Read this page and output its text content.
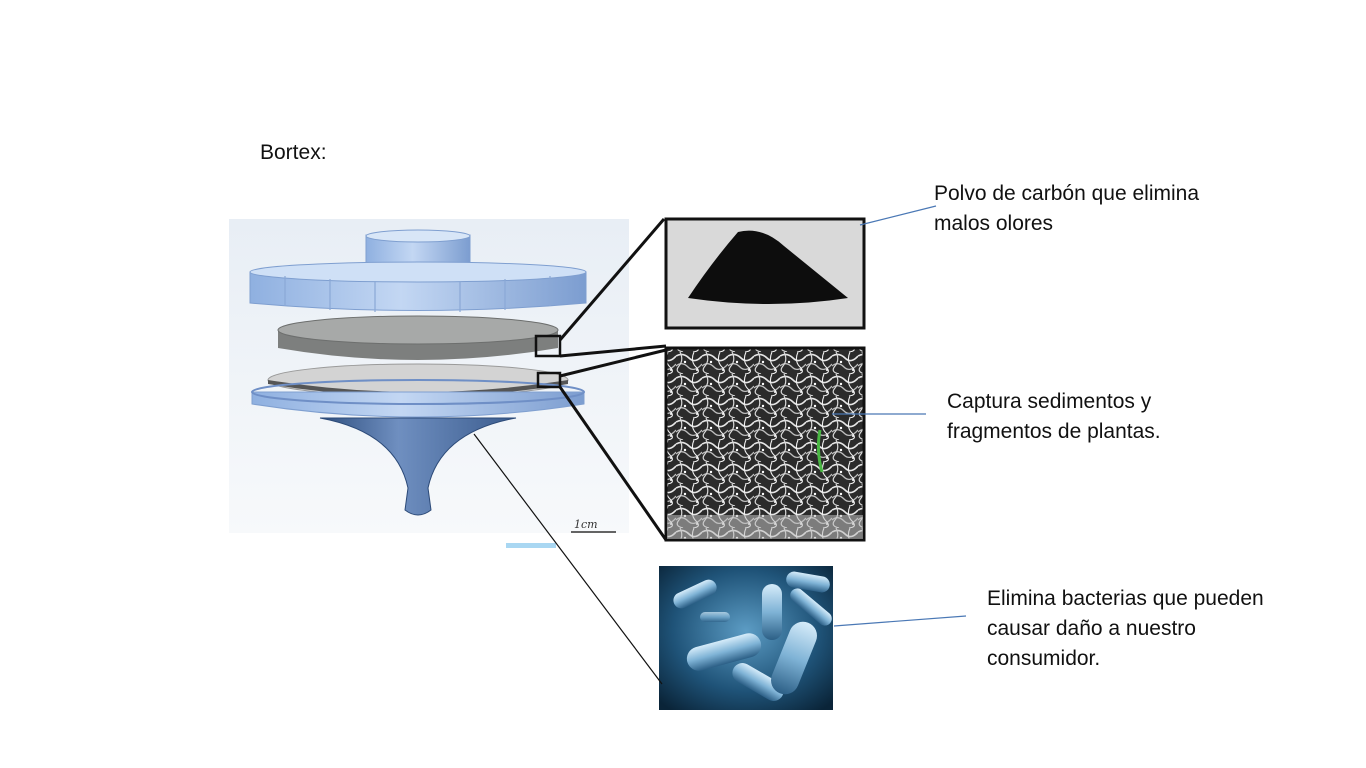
Bortex:
Polvo de carbón que elimina
malos olores
Captura sedimentos y
fragmentos de plantas.
Elimina bacterias que pueden
causar daño a nuestro
consumidor.
1cm
